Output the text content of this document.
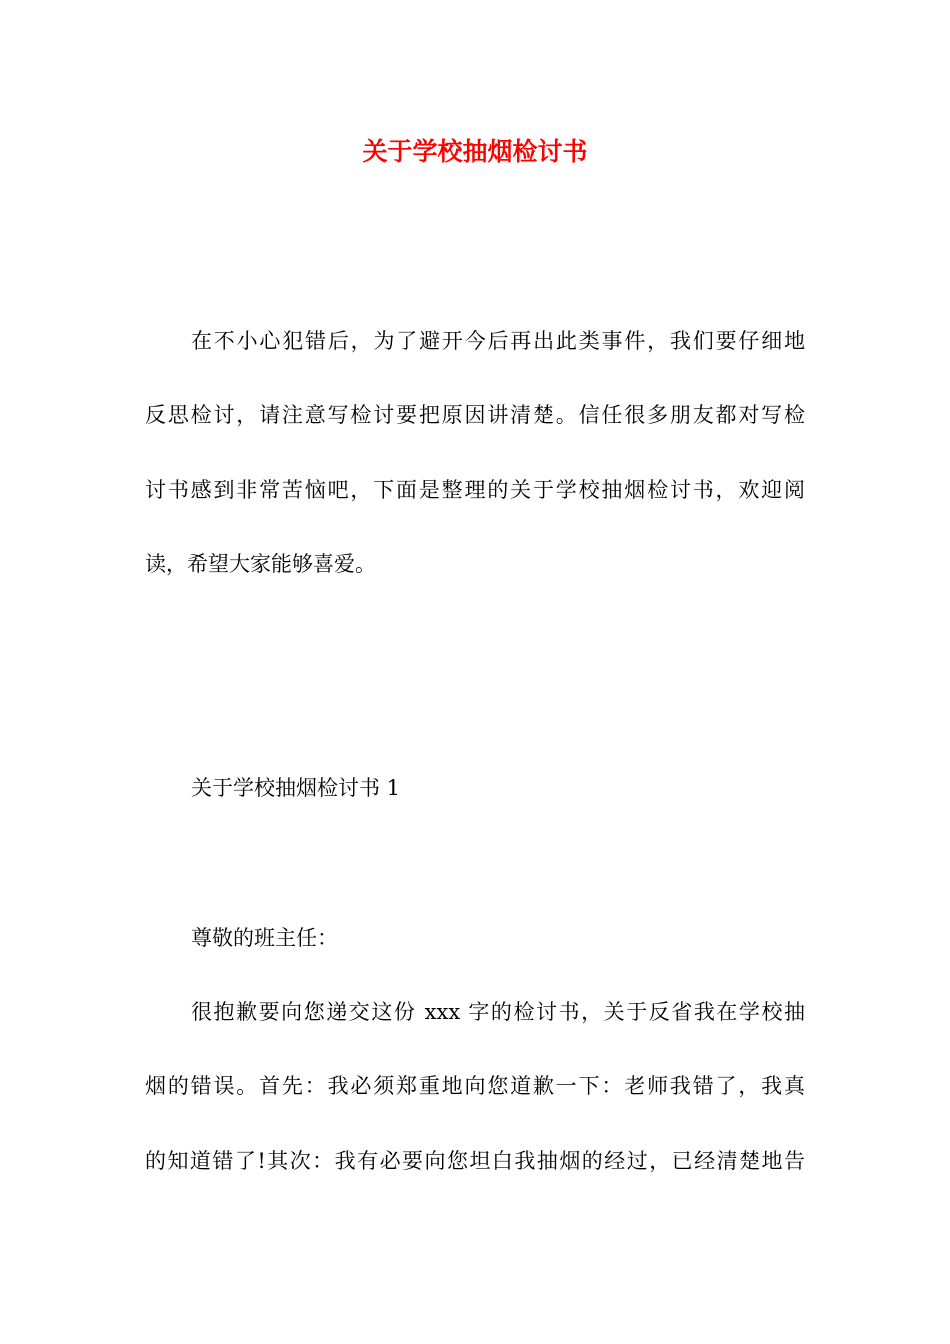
关于学校抽烟检讨书
在不小心犯错后，为了避开今后再出此类事件，我们要仔细地
反思检讨，请注意写检讨要把原因讲清楚。信任很多朋友都对写检
讨书感到非常苦恼吧，下面是整理的关于学校抽烟检讨书，欢迎阅
读，希望大家能够喜爱。
关于学校抽烟检讨书 1
尊敬的班主任：
很抱歉要向您递交这份 xxx 字的检讨书，关于反省我在学校抽
烟的错误。首先：我必须郑重地向您道歉一下：老师我错了，我真
的知道错了!其次：我有必要向您坦白我抽烟的经过，已经清楚地告
